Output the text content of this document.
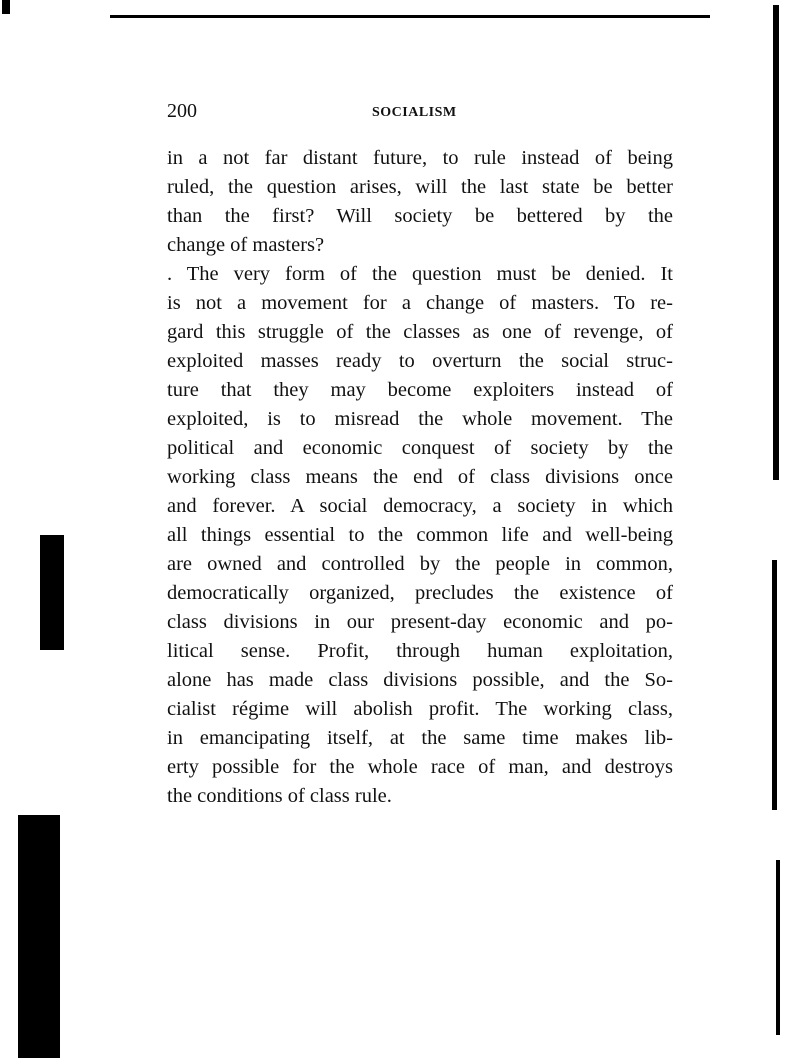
200	SOCIALISM
in a not far distant future, to rule instead of being
ruled, the question arises, will the last state be better
than the first? Will society be bettered by the
change of masters?
. The very form of the question must be denied. It
is not a movement for a change of masters. To re-
gard this struggle of the classes as one of revenge, of
exploited masses ready to overturn the social struc-
ture that they may become exploiters instead of
exploited, is to misread the whole movement. The
political and economic conquest of society by the
working class means the end of class divisions once
and forever. A social democracy, a society in which
all things essential to the common life and well-being
are owned and controlled by the people in common,
democratically organized, precludes the existence of
class divisions in our present-day economic and po-
litical sense. Profit, through human exploitation,
alone has made class divisions possible, and the So-
cialist régime will abolish profit. The working class,
in emancipating itself, at the same time makes lib-
erty possible for the whole race of man, and destroys
the conditions of class rule.
